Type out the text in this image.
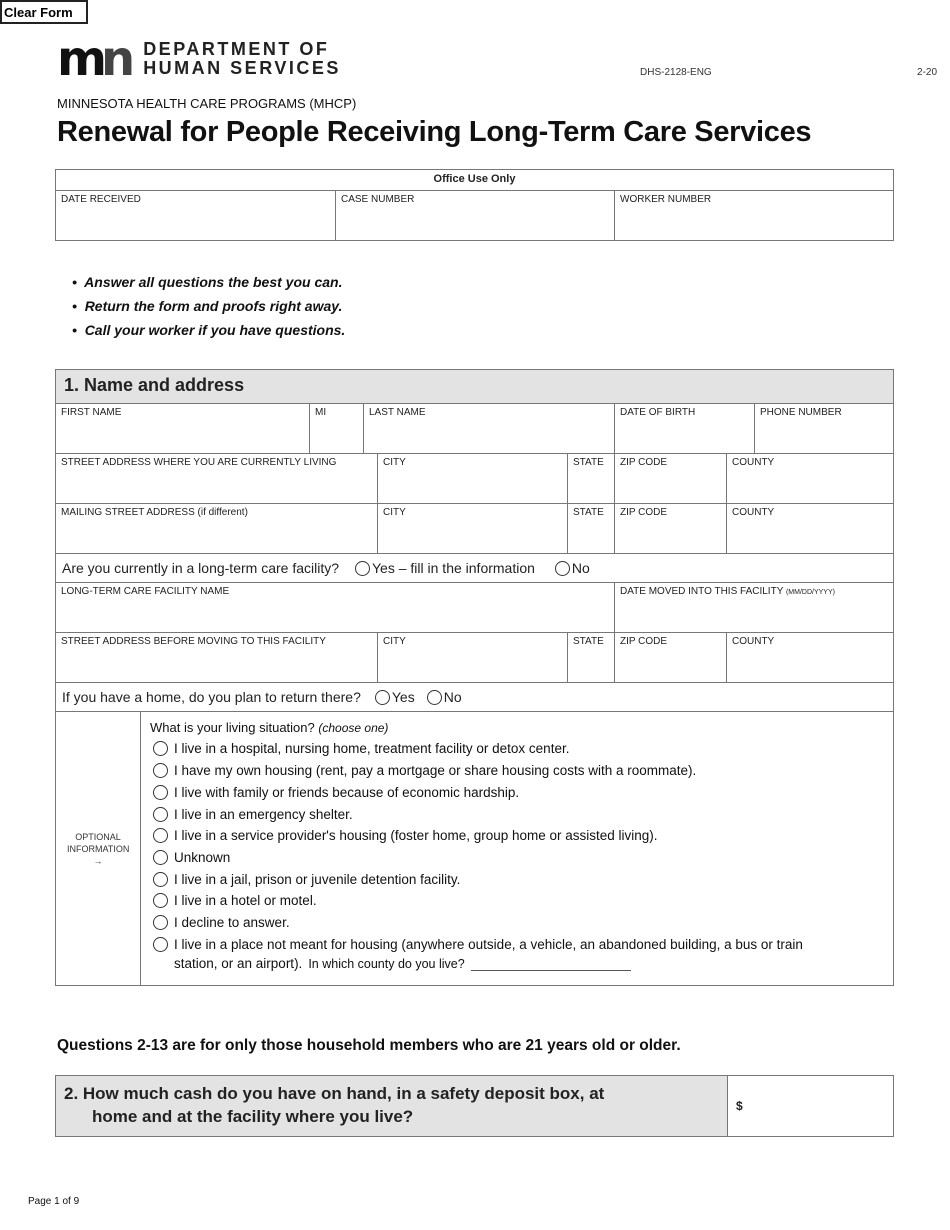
Clear Form
mn DEPARTMENT OF
HUMAN SERVICES	DHS-2128-ENG	2-20
MINNESOTA HEALTH CARE PROGRAMS (MHCP)
Renewal for People Receiving Long-Term Care Services
Office Use Only
DATE RECEIVED	CASE NUMBER	WORKER NUMBER
•  Answer all questions the best you can.
•  Return the form and proofs right away.
•  Call your worker if you have questions.
1. Name and address
FIRST NAME	MI	LAST NAME	DATE OF BIRTH	PHONE NUMBER
STREET ADDRESS WHERE YOU ARE CURRENTLY LIVING	CITY	STATE	ZIP CODE	COUNTY
MAILING STREET ADDRESS (if different)	CITY	STATE	ZIP CODE	COUNTY
Are you currently in a long-term care facility?	Yes – fill in the information	No
LONG-TERM CARE FACILITY NAME	DATE MOVED INTO THIS FACILITY (MM/DD/YYYY)
STREET ADDRESS BEFORE MOVING TO THIS FACILITY	CITY	STATE	ZIP CODE	COUNTY
If you have a home, do you plan to return there?	Yes	No
OPTIONAL INFORMATION
→
What is your living situation? (choose one)
I live in a hospital, nursing home, treatment facility or detox center.
I have my own housing (rent, pay a mortgage or share housing costs with a roommate).
I live with family or friends because of economic hardship.
I live in an emergency shelter.
I live in a service provider's housing (foster home, group home or assisted living).
Unknown
I live in a jail, prison or juvenile detention facility.
I live in a hotel or motel.
I decline to answer.
I live in a place not meant for housing (anywhere outside, a vehicle, an abandoned building, a bus or train
station, or an airport). In which county do you live?
Questions 2-13 are for only those household members who are 21 years old or older.
2. How much cash do you have on hand, in a safety deposit box, at
home and at the facility where you live?
$
Page 1 of 9
